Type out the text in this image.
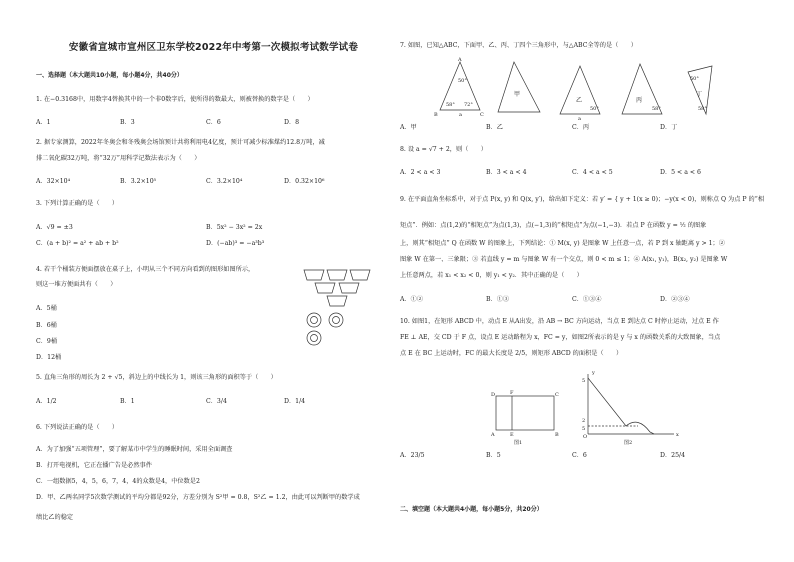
安徽省宣城市宣州区卫东学校2022年中考第一次模拟考试数学试卷
一、选择题（本大题共10小题，每小题4分，共40分）
1. 在−0.3168中，用数字4替换其中的一个非0数字后，使所得的数最大，则被替换的数字是（　　）
A．1	B．3	C．6	D．8
2. 据专家测算，2022年冬奥会和冬残奥会场馆预计共将利用电4亿度，预计可减少标准煤约12.8万吨，减
排二氧化碳32万吨，将“32万”用科学记数法表示为（　　）
A．32×10⁴	B．3.2×10⁵	C．3.2×10⁴	D．0.32×10⁶
3. 下列计算正确的是（　　）
A．√9 = ±3	B．5x² − 3x² = 2x
C．(a + b)² = a² + ab + b²	D．(−ab)³ = −a³b³
4. 若干个桶装方便面摆放在桌子上，小明从三个不同方向看到的图形如图所示，
则这一堆方便面共有（　　）
A．5桶
B．6桶
C．9桶
D．12桶
5. 直角三角形的周长为 2 + √5，斜边上的中线长为 1，则该三角形的面积等于（　　）
A．1/2	B．1	C．3/4	D．1/4
6. 下列说法正确的是（　　）
A．为了加强“五项管理”，要了解某市中学生的睡眠时间，采用全面调查
B．打开电视机，它正在播广告是必然事件
C．一组数据5，4，5，6，7，4，4的众数是4，中位数是2
D．甲、乙两名同学5次数学测试的平均分都是92分，方差分别为 S²甲 = 0.8，S²乙 = 1.2，由此可以判断甲的数学成
绩比乙的稳定
7. 如图，已知△ABC，下面甲、乙、丙、丁四个三角形中，与△ABC全等的是（　　）
A
B	C
50°
58° 72°
a
甲
乙
50°
a
丙
58°
丁
50°
58°
A．甲	B．乙	C．丙	D．丁
8. 设 a = √7 + 2，则（　　）
A．2 < a < 3	B．3 < a < 4	C．4 < a < 5	D．5 < a < 6
9. 在平面直角坐标系中，对于点 P(x, y) 和 Q(x, y′)，给出如下定义：若 y′ = { y + 1(x ≥ 0)；−y(x < 0)，则称点 Q 为点 P 的“相
矩点”．例如：点(1,2)的“相矩点”为点(1,3)，点(−1,3)的“相矩点”为点(−1,−3)．若点 P 在函数 y = ½ 的图象
上，则其“相矩点” Q 在函数 W 的图象上，下列结论：① M(x, y) 是图象 W 上任意一点，若 P 到 x 轴距离 y > 1；②
图象 W 在第一、三象限；③ 若直线 y = m 与图象 W 有一个交点，则 0 < m ≤ 1；④ A(x₁, y₁)，B(x₂, y₂) 是图象 W
上任意两点，若 x₁ < x₂ < 0，则 y₁ < y₂．其中正确的是（　　）
A．①②	B．①③	C．①③④	D．②③④
10. 如图1，在矩形 ABCD 中，动点 E 从A出发，沿 AB → BC 方向运动，当点 E 到达点 C 时停止运动，过点 E 作
FE ⊥ AE，交 CD 于 F 点，设点 E 运动路程为 x，FC = y，如图2所表示的是 y 与 x 的函数关系的大致图象，当点
点 E 在 BC 上运动时，FC 的最大长度是 2/5，则矩形 ABCD 的面积是（　　）
D	F	C
A	E	B
图1
5
2
5
O
y
x
图2
A．23/5	B．5	C．6	D．25/4
二、填空题（本大题共4小题，每小题5分，共20分）
